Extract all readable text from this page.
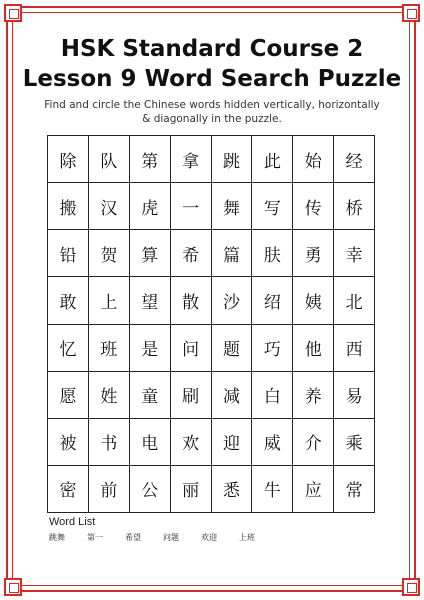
HSK Standard Course 2
Lesson 9 Word Search Puzzle
Find and circle the Chinese words hidden vertically, horizontally & diagonally in the puzzle.
除	队	第	拿	跳	此	始	经
搬	汉	虎	一	舞	写	传	桥
铅	贺	算	希	篇	肤	勇	幸
敢	上	望	散	沙	绍	姨	北
忆	班	是	问	题	巧	他	西
愿	姓	童	刷	减	白	养	易
被	书	电	欢	迎	威	介	乘
密	前	公	丽	悉	牛	应	常
Word List
跳舞	第一	希望	问题	欢迎	上班
